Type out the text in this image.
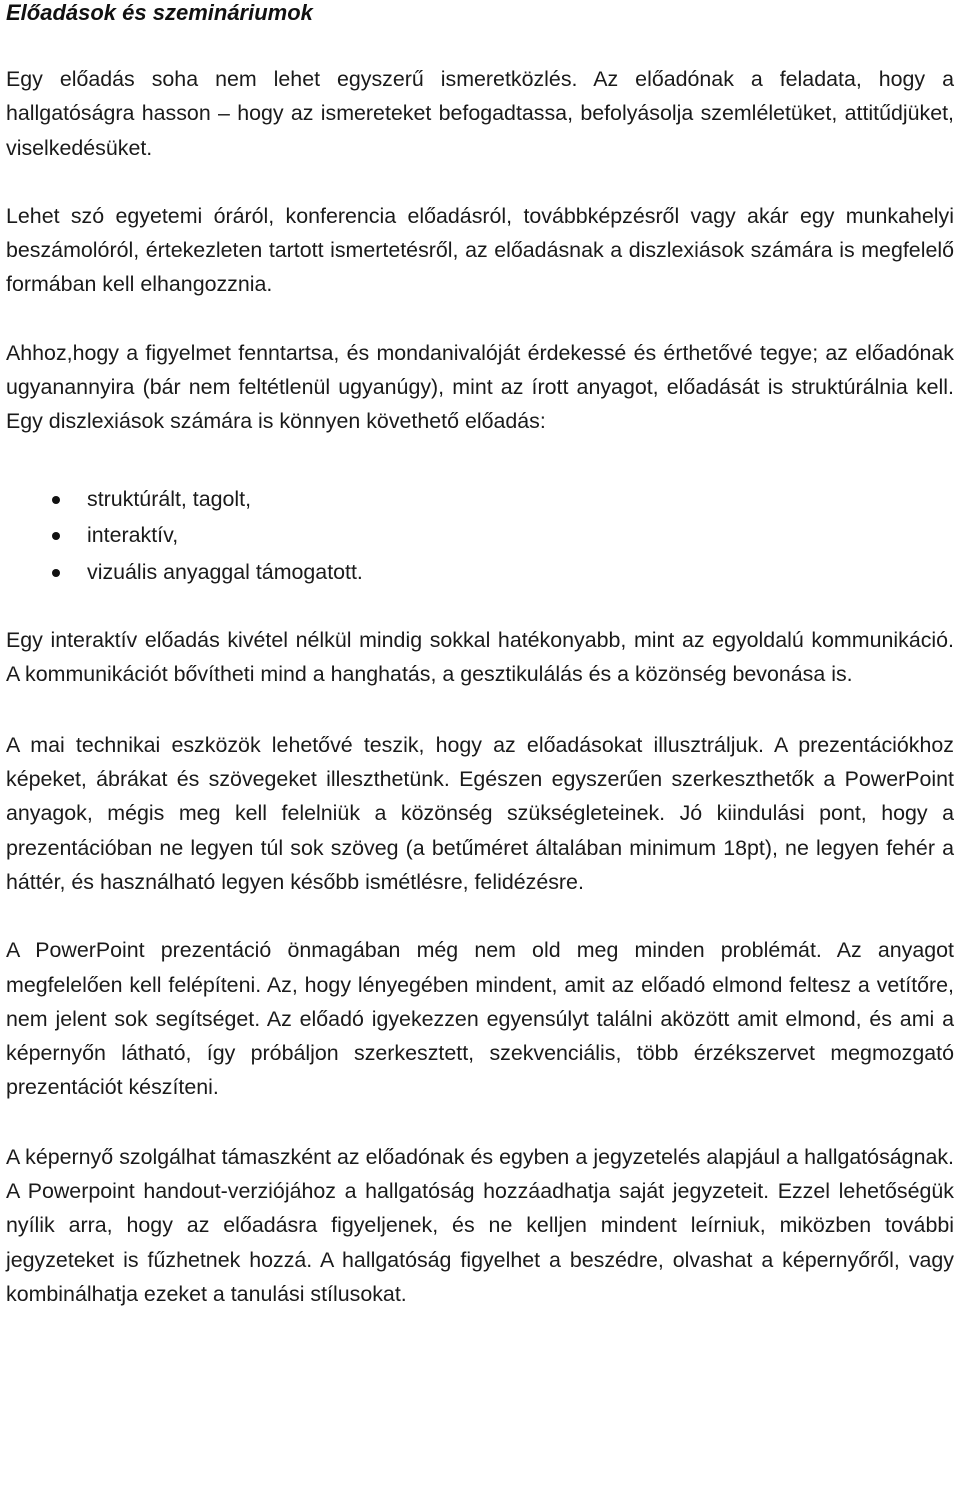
Előadások és szemináriumok

Egy előadás soha nem lehet egyszerű ismeretközlés. Az előadónak a feladata, hogy a hallgatóságra hasson – hogy az ismereteket befogadtassa, befolyásolja szemléletüket, attitűdjüket, viselkedésüket.

Lehet szó egyetemi óráról, konferencia előadásról, továbbképzésről vagy akár egy munkahelyi beszámolóról, értekezleten tartott ismertetésről, az előadásnak a diszlexiások számára is megfelelő formában kell elhangozznia.

Ahhoz,hogy a figyelmet fenntartsa, és mondanivalóját érdekessé és érthetővé tegye; az előadónak ugyanannyira (bár nem feltétlenül ugyanúgy), mint az írott anyagot, előadását is struktúrálnia kell. Egy diszlexiások számára is könnyen követhető előadás:

struktúrált, tagolt,
interaktív,
vizuális anyaggal támogatott.

Egy interaktív előadás kivétel nélkül mindig sokkal hatékonyabb, mint az egyoldalú kommunikáció. A kommunikációt bővítheti mind a hanghatás, a gesztikulálás és a közönség bevonása is.

A mai technikai eszközök lehetővé teszik, hogy az előadásokat illusztráljuk. A prezentációkhoz képeket, ábrákat és szövegeket illeszthetünk. Egészen egyszerűen szerkeszthetők a PowerPoint anyagok, mégis meg kell felelniük a közönség szükségleteinek. Jó kiindulási pont, hogy a prezentációban ne legyen túl sok szöveg (a betűméret általában minimum 18pt), ne legyen fehér a háttér, és használható legyen később ismétlésre, felidézésre.

A PowerPoint prezentáció önmagában még nem old meg minden problémát. Az anyagot megfelelően kell felépíteni. Az, hogy lényegében mindent, amit az előadó elmond feltesz a vetítőre, nem jelent sok segítséget. Az előadó igyekezzen egyensúlyt találni aközött amit elmond, és ami a képernyőn látható, így próbáljon szerkesztett, szekvenciális, több érzékszervet megmozgató prezentációt készíteni.

A képernyő szolgálhat támaszként az előadónak és egyben a jegyzetelés alapjául a hallgatóságnak. A Powerpoint handout-verziójához a hallgatóság hozzáadhatja saját jegyzeteit. Ezzel lehetőségük nyílik arra, hogy az előadásra figyeljenek, és ne kelljen mindent leírniuk, miközben további jegyzeteket is fűzhetnek hozzá. A hallgatóság figyelhet a beszédre, olvashat a képernyőről, vagy kombinálhatja ezeket a tanulási stílusokat.
